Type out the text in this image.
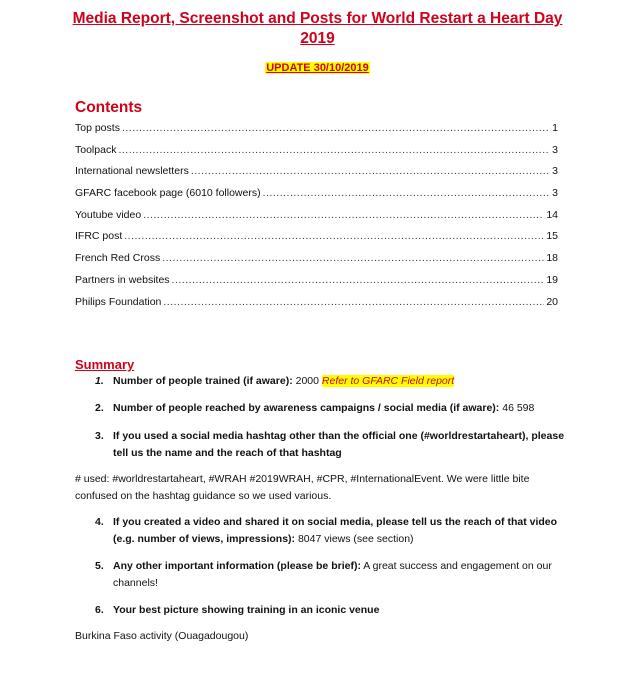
Media Report, Screenshot and Posts for World Restart a Heart Day
2019
UPDATE 30/10/2019
Contents
Top posts .....	1
Toolpack .....	3
International newsletters .....	3
GFARC facebook page (6010 followers) .....	3
Youtube video .....	14
IFRC post .....	15
French Red Cross .....	18
Partners in websites .....	19
Philips Foundation .....	20
Summary
1. Number of people trained (if aware): 2000 Refer to GFARC Field report
2. Number of people reached by awareness campaigns / social media (if aware): 46 598
3. If you used a social media hashtag other than the official one (#worldrestartaheart), please
tell us the name and the reach of that hashtag
# used: #worldrestartaheart, #WRAH #2019WRAH, #CPR, #InternationalEvent. We were little bite
confused on the hashtag guidance so we used various.
4. If you created a video and shared it on social media, please tell us the reach of that video
(e.g. number of views, impressions): 8047 views (see section)
5. Any other important information (please be brief): A great success and engagement on our
channels!
6. Your best picture showing training in an iconic venue
Burkina Faso activity (Ouagadougou)
